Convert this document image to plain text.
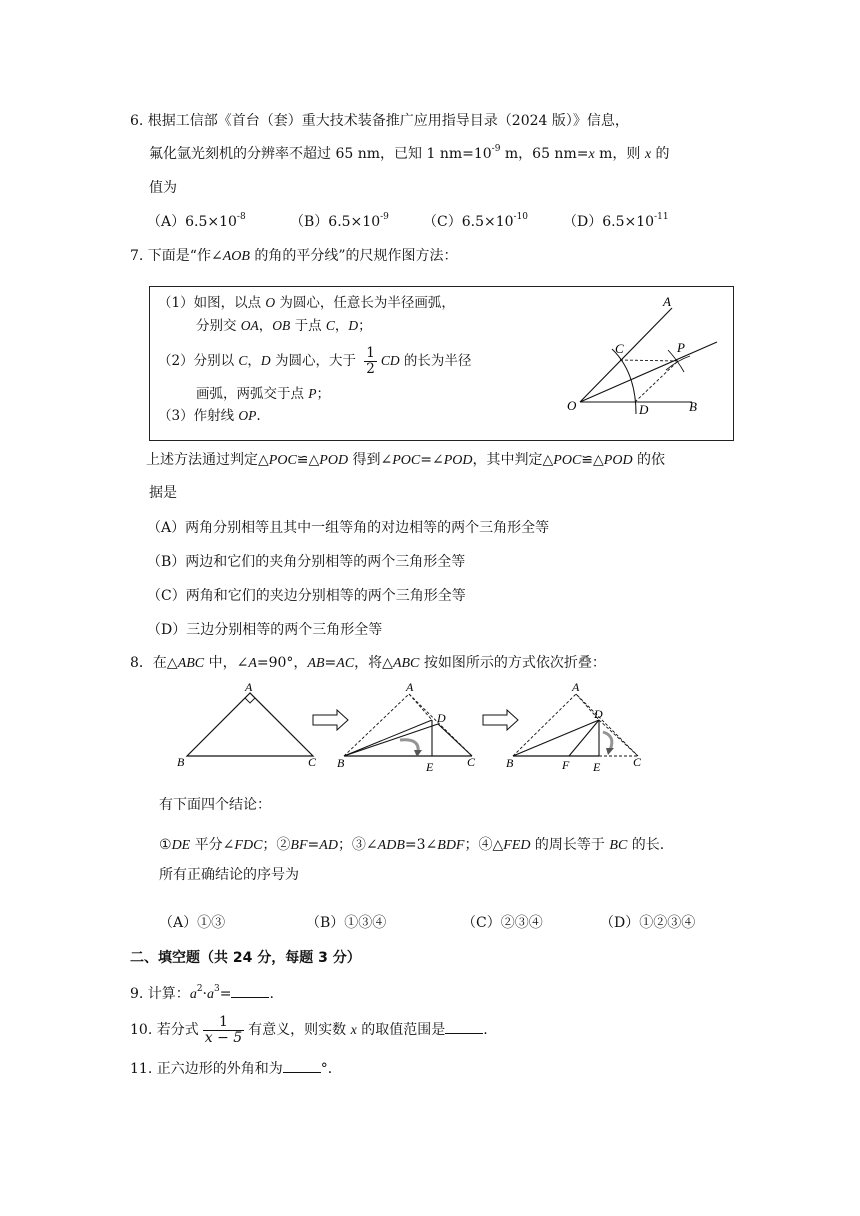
6. 根据工信部《首台（套）重大技术装备推广应用指导目录（2024 版）》信息，
氟化氩光刻机的分辨率不超过 65 nm，已知 1 $nm=10^{-9}$ m，65 nm=x m，则 x 的
值为
$(A)6.5\times 10^{-8}$	$(B)6.5\times 10^{-9}$ $(C)6.5\times 10^{-10}$ $(D)6.5\times 10^{-11}$
7. 下面是“作∠AOB 的角的平分线”的尺规作图方法：
（1）如图，以点 O 为圆心，任意长为半径画弧，
分别交 OA，OB 于点 C，D；
（2）分别以 C，D 为圆心，大于 $\frac{1}{2}$ CD 的长为半径
画弧，两弧交于点 P；
（3）作射线 OP.
A
P
C
O	D	B
上述方法通过判定△POC≌△POD 得到∠POC=∠POD，其中判定△POC≌△POD 的依
据是
（A）两角分别相等且其中一组等角的对边相等的两个三角形全等
（B）两边和它们的夹角分别相等的两个三角形全等
（C）两角和它们的夹边分别相等的两个三角形全等
（D）三边分别相等的两个三角形全等
8．在△ABC 中，∠A=90°，AB=AC，将△ABC 按如图所示的方式依次折叠：
A
B	C
A
D
B	E	C
A
D
B	F E	C
有下面四个结论：
①DE 平分∠FDC；②BF=AD；③∠ADB=3∠BDF；④△FED 的周长等于 BC 的长.
所有正确结论的序号为
（A）①③	（B）①③④	（C）②③④	（D）①②③④
二、填空题（共 24 分，每题 3 分）
9. 计算：$a^2\cdot a^3=$	.
10. 若分式 $\frac{1}{x - 5}$ 有意义，则实数 x 的取值范围是	.
11. 正六边形的外角和为	°．
